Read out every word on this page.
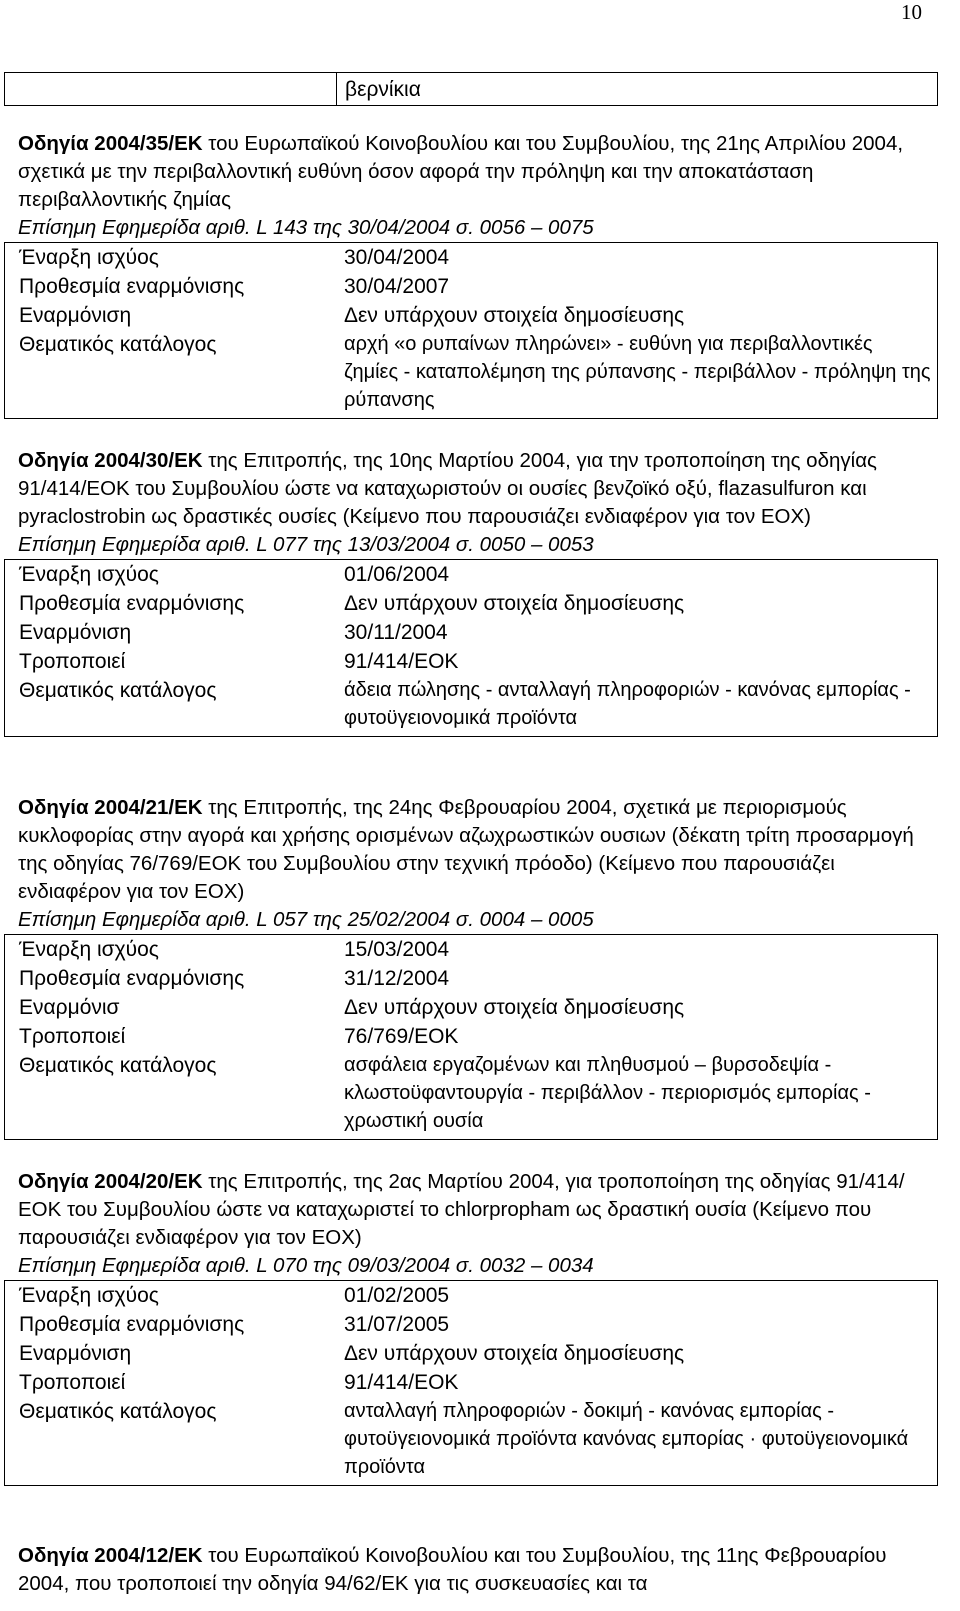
10
βερνίκια

Οδηγία 2004/35/ΕΚ του Ευρωπαϊκού Κοινοβουλίου και του Συμβουλίου, της 21ης Απριλίου 2004, σχετικά με την περιβαλλοντική ευθύνη όσον αφορά την πρόληψη και την αποκατάσταση περιβαλλοντικής ζημίας

Επίσημη Εφημερίδα αριθ. L 143 της 30/04/2004 σ. 0056 – 0075

Έναρξη ισχύος	30/04/2004
Προθεσμία εναρμόνισης	30/04/2007
Εναρμόνιση	Δεν υπάρχουν στοιχεία δημοσίευσης
Θεματικός κατάλογος	αρχή «ο ρυπαίνων πληρώνει» - ευθύνη για περιβαλλοντικές ζημίες - καταπολέμηση της ρύπανσης - περιβάλλον - πρόληψη της ρύπανσης

Οδηγία 2004/30/ΕΚ της Επιτροπής, της 10ης Μαρτίου 2004, για την τροποποίηση της οδηγίας 91/414/ΕΟΚ του Συμβουλίου ώστε να καταχωριστούν οι ουσίες βενζοϊκό οξύ, flazasulfuron και pyraclostrobin ως δραστικές ουσίες (Κείμενο που παρουσιάζει ενδιαφέρον για τον ΕΟΧ)

Επίσημη Εφημερίδα αριθ. L 077 της 13/03/2004 σ. 0050 – 0053

Έναρξη ισχύος	01/06/2004
Προθεσμία εναρμόνισης	Δεν υπάρχουν στοιχεία δημοσίευσης
Εναρμόνιση	30/11/2004
Τροποποιεί	91/414/ΕΟΚ
Θεματικός κατάλογος	άδεια πώλησης - ανταλλαγή πληροφοριών - κανόνας εμπορίας - φυτοϋγειονομικά προϊόντα

Οδηγία 2004/21/ΕΚ της Επιτροπής, της 24ης Φεβρουαρίου 2004, σχετικά με περιορισμούς κυκλοφορίας στην αγορά και χρήσης ορισμένων αζωχρωστικών ουσιων (δέκατη τρίτη προσαρμογή της οδηγίας 76/769/ΕΟΚ του Συμβουλίου στην τεχνική πρόοδο) (Κείμενο που παρουσιάζει ενδιαφέρον για τον ΕΟΧ)

Επίσημη Εφημερίδα αριθ. L 057 της 25/02/2004 σ. 0004 – 0005

Έναρξη ισχύος	15/03/2004
Προθεσμία εναρμόνισης	31/12/2004
Εναρμόνισ	Δεν υπάρχουν στοιχεία δημοσίευσης
Τροποποιεί	76/769/ΕΟΚ
Θεματικός κατάλογος	ασφάλεια εργαζομένων και πληθυσμού – βυρσοδεψία - κλωστοϋφαντουργία - περιβάλλον - περιορισμός εμπορίας - χρωστική ουσία

Οδηγία 2004/20/ΕΚ της Επιτροπής, της 2ας Μαρτίου 2004, για τροποποίηση της οδηγίας 91/414/ΕΟΚ του Συμβουλίου ώστε να καταχωριστεί το chlorpropham ως δραστική ουσία (Κείμενο που παρουσιάζει ενδιαφέρον για τον ΕΟΧ)

Επίσημη Εφημερίδα αριθ. L 070 της 09/03/2004 σ. 0032 – 0034

Έναρξη ισχύος	01/02/2005
Προθεσμία εναρμόνισης	31/07/2005
Εναρμόνιση	Δεν υπάρχουν στοιχεία δημοσίευσης
Τροποποιεί	91/414/ΕΟΚ
Θεματικός κατάλογος	ανταλλαγή πληροφοριών - δοκιμή - κανόνας εμπορίας - φυτοϋγειονομικά προϊόντα κανόνας εμπορίας · φυτοϋγειονομικά προϊόντα

Οδηγία 2004/12/ΕΚ του Ευρωπαϊκού Κοινοβουλίου και του Συμβουλίου, της 11ης Φεβρουαρίου 2004, που τροποποιεί την οδηγία 94/62/ΕΚ για τις συσκευασίες και τα
